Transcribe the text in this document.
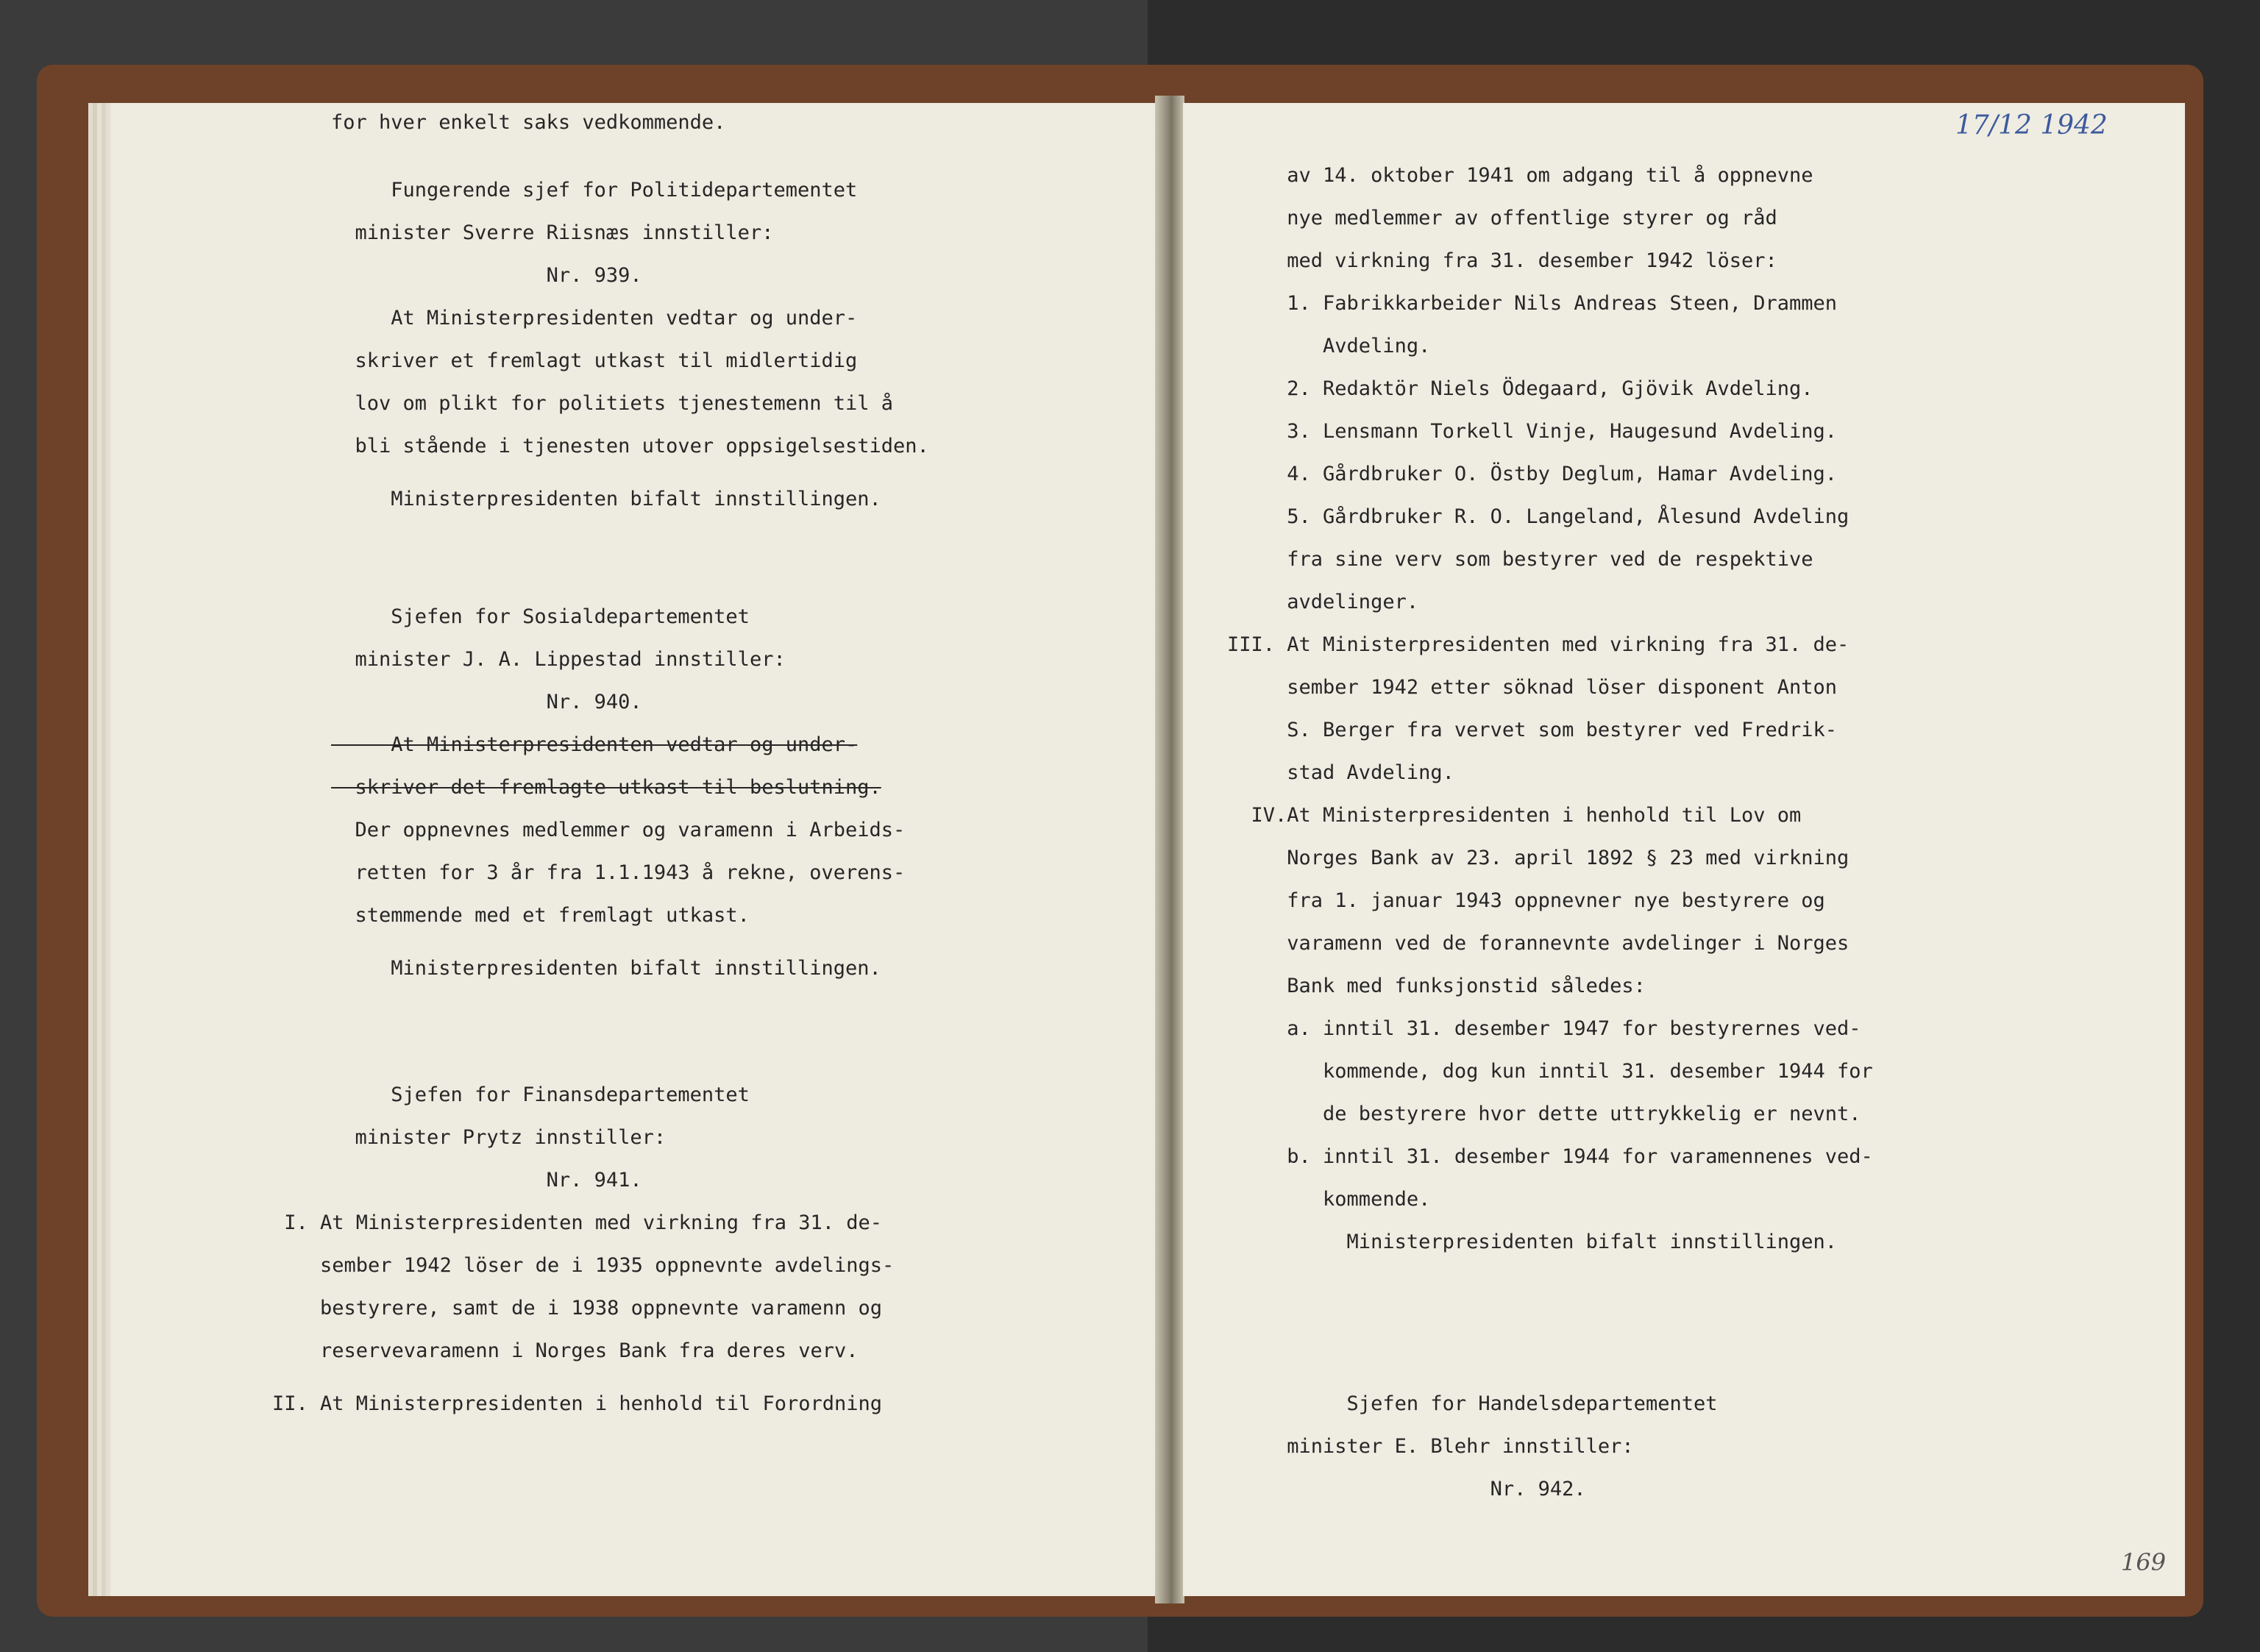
for hver enkelt saks vedkommende.

Fungerende sjef for Politidepartementet

minister Sverre Riisnæs innstiller:

Nr. 939.

At Ministerpresidenten vedtar og under-

skriver et fremlagt utkast til midlertidig

lov om plikt for politiets tjenestemenn til å

bli stående i tjenesten utover oppsigelsestiden.

Ministerpresidenten bifalt innstillingen.

Sjefen for Sosialdepartementet

minister J. A. Lippestad innstiller:

Nr. 940.

At Ministerpresidenten vedtar og under-

skriver det fremlagte utkast til beslutning.

Der oppnevnes medlemmer og varamenn i Arbeids-

retten for 3 år fra 1.1.1943 å rekne, overens-

stemmende med et fremlagt utkast.

Ministerpresidenten bifalt innstillingen.

Sjefen for Finansdepartementet

minister Prytz innstiller:

Nr. 941.

I. At Ministerpresidenten med virkning fra 31. de-

sember 1942 löser de i 1935 oppnevnte avdelings-

bestyrere, samt de i 1938 oppnevnte varamenn og

reservevaramenn i Norges Bank fra deres verv.

II. At Ministerpresidenten i henhold til Forordning

17/12 1942
169

av 14. oktober 1941 om adgang til å oppnevne

nye medlemmer av offentlige styrer og råd

med virkning fra 31. desember 1942 löser:

1. Fabrikkarbeider Nils Andreas Steen, Drammen

Avdeling.

2. Redaktör Niels Ödegaard, Gjövik Avdeling.

3. Lensmann Torkell Vinje, Haugesund Avdeling.

4. Gårdbruker O. Östby Deglum, Hamar Avdeling.

5. Gårdbruker R. O. Langeland, Ålesund Avdeling

fra sine verv som bestyrer ved de respektive

avdelinger.

III. At Ministerpresidenten med virkning fra 31. de-

sember 1942 etter söknad löser disponent Anton

S. Berger fra vervet som bestyrer ved Fredrik-

stad Avdeling.

IV.At Ministerpresidenten i henhold til Lov om

Norges Bank av 23. april 1892 § 23 med virkning

fra 1. januar 1943 oppnevner nye bestyrere og

varamenn ved de forannevnte avdelinger i Norges

Bank med funksjonstid således:

a. inntil 31. desember 1947 for bestyrernes ved-

kommende, dog kun inntil 31. desember 1944 for

de bestyrere hvor dette uttrykkelig er nevnt.

b. inntil 31. desember 1944 for varamennenes ved-

kommende.

Ministerpresidenten bifalt innstillingen.

Sjefen for Handelsdepartementet

minister E. Blehr innstiller:

Nr. 942.
